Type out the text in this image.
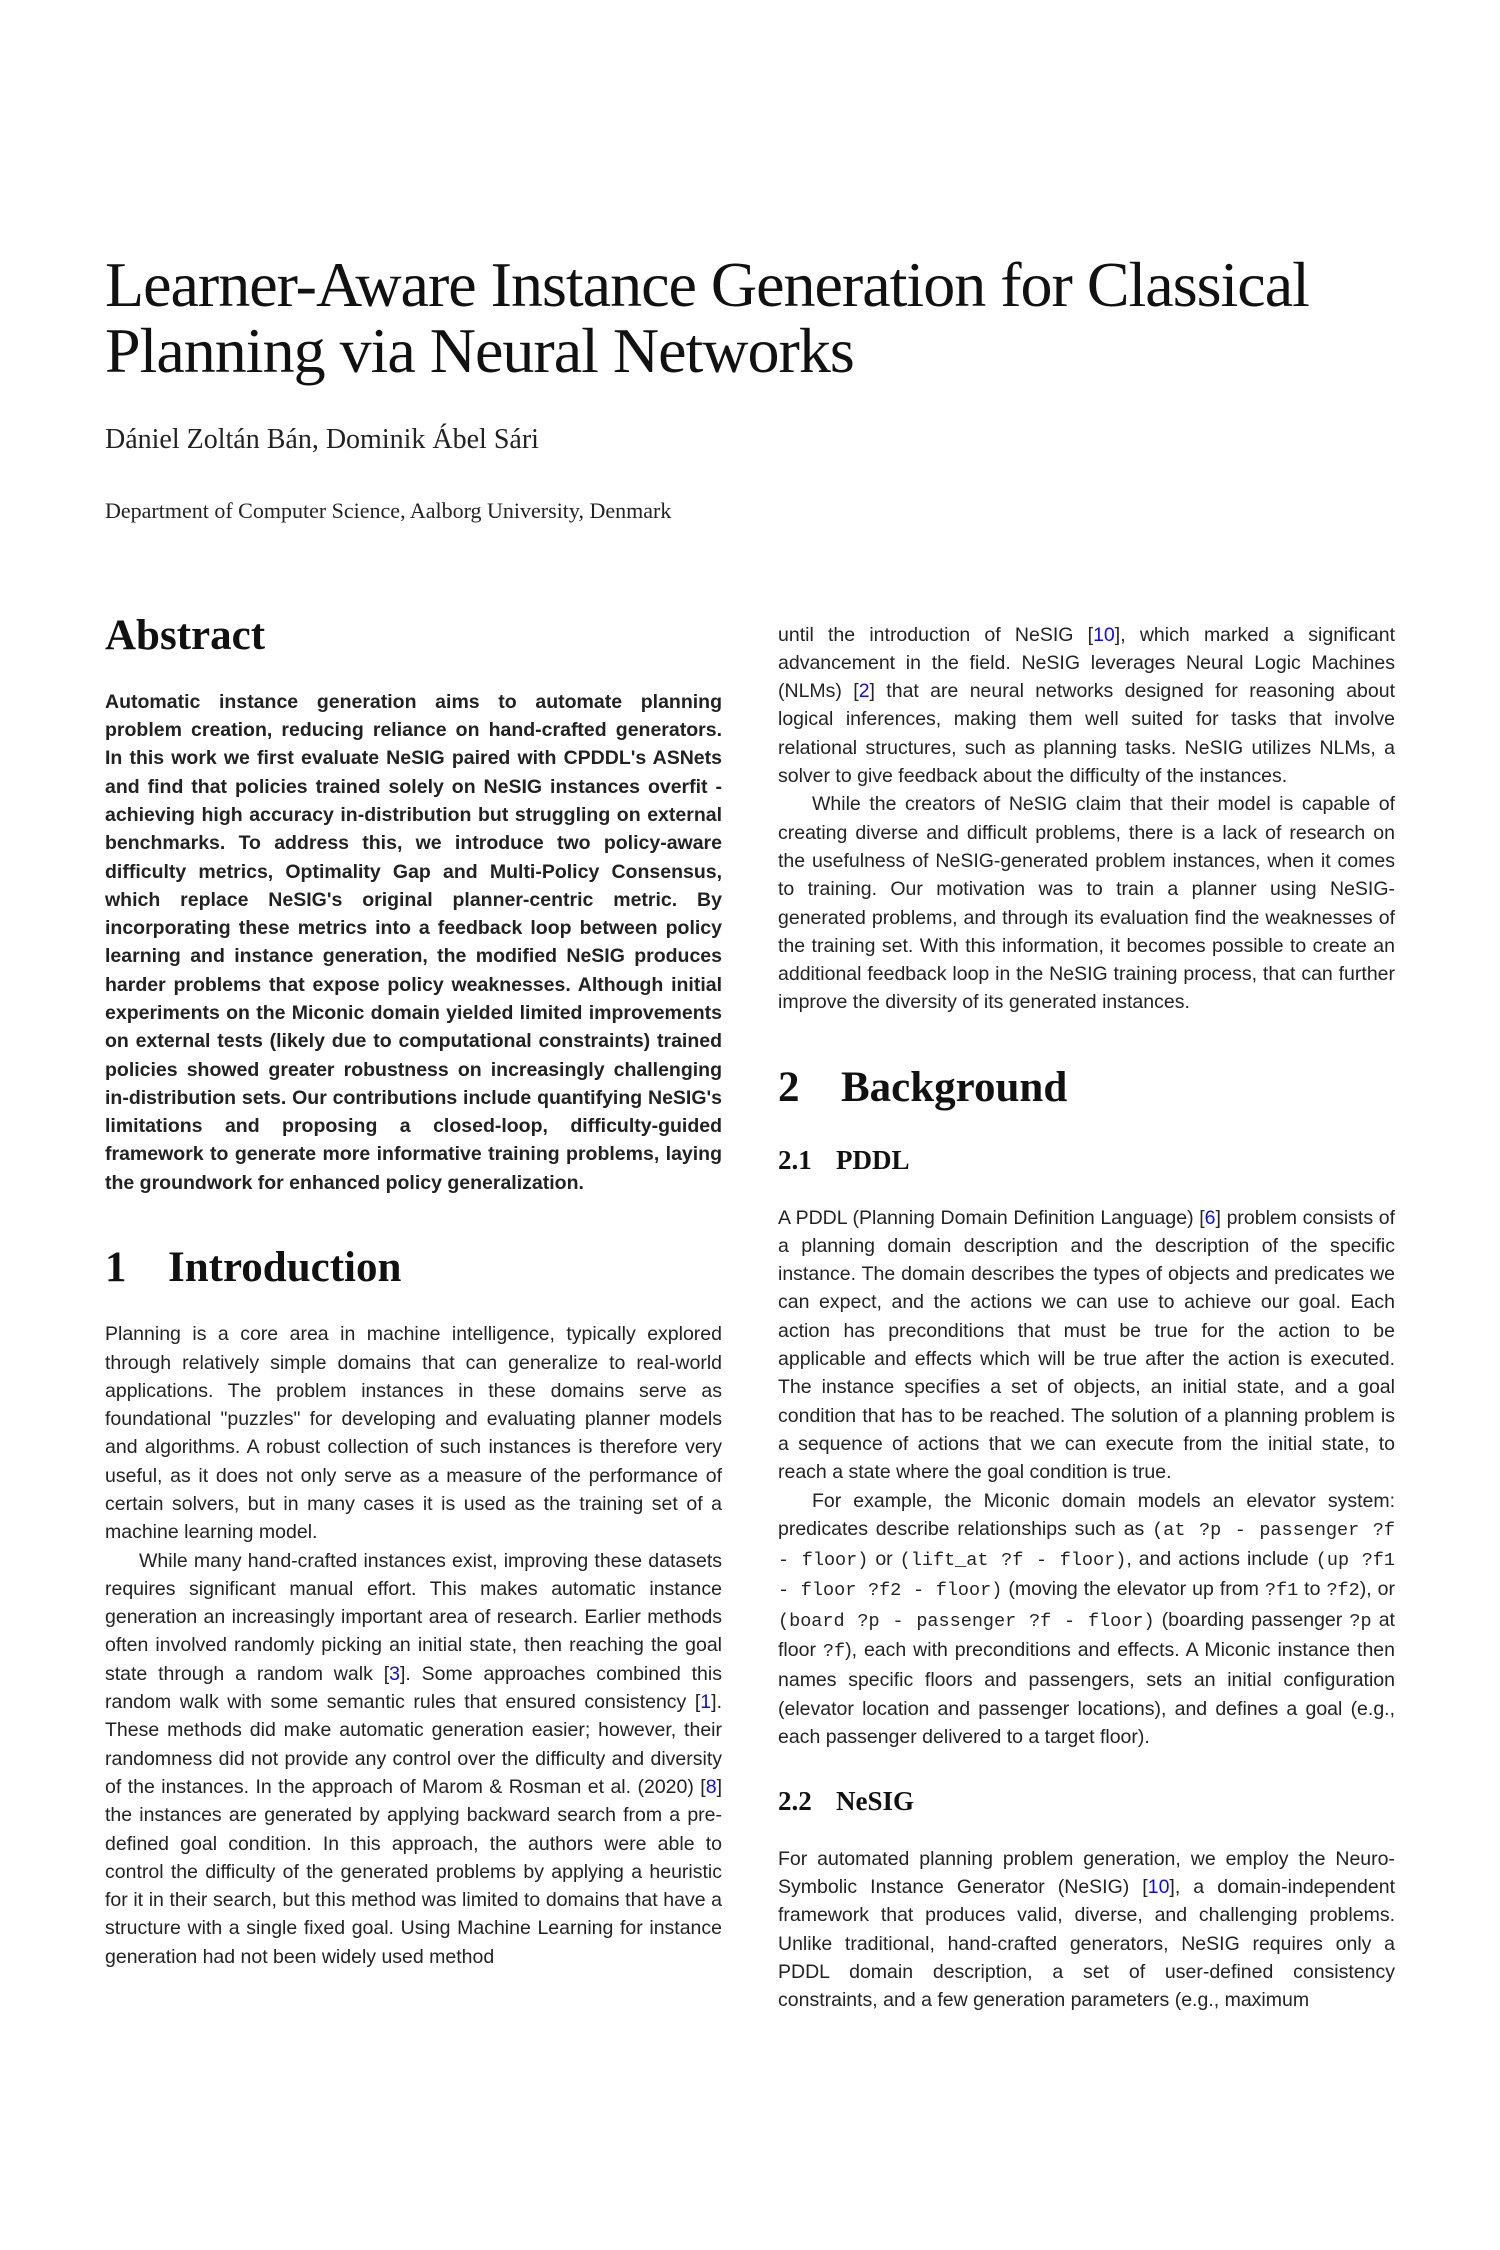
Learner-Aware Instance Generation for Classical Planning via Neural Networks
Dániel Zoltán Bán, Dominik Ábel Sári
Department of Computer Science, Aalborg University, Denmark
Abstract

Automatic instance generation aims to automate planning problem creation, reducing reliance on hand-crafted generators. In this work we first evaluate NeSIG paired with CPDDL's ASNets and find that policies trained solely on NeSIG instances overfit - achieving high accuracy in-distribution but struggling on external benchmarks. To address this, we introduce two policy-aware difficulty metrics, Optimality Gap and Multi-Policy Consensus, which replace NeSIG's original planner-centric metric. By incorporating these metrics into a feedback loop between policy learning and instance generation, the modified NeSIG produces harder problems that expose policy weaknesses. Although initial experiments on the Miconic domain yielded limited improvements on external tests (likely due to computational constraints) trained policies showed greater robustness on increasingly challenging in-distribution sets. Our contributions include quantifying NeSIG's limitations and proposing a closed-loop, difficulty-guided framework to generate more informative training problems, laying the groundwork for enhanced policy generalization.

1 Introduction

Planning is a core area in machine intelligence, typically explored through relatively simple domains that can generalize to real-world applications. The problem instances in these domains serve as foundational "puzzles" for developing and evaluating planner models and algorithms. A robust collection of such instances is therefore very useful, as it does not only serve as a measure of the performance of certain solvers, but in many cases it is used as the training set of a machine learning model.

While many hand-crafted instances exist, improving these datasets requires significant manual effort. This makes automatic instance generation an increasingly important area of research. Earlier methods often involved randomly picking an initial state, then reaching the goal state through a random walk [3]. Some approaches combined this random walk with some semantic rules that ensured consistency [1]. These methods did make automatic generation easier; however, their randomness did not provide any control over the difficulty and diversity of the instances. In the approach of Marom & Rosman et al. (2020) [8] the instances are generated by applying backward search from a pre-defined goal condition. In this approach, the authors were able to control the difficulty of the generated problems by applying a heuristic for it in their search, but this method was limited to domains that have a structure with a single fixed goal. Using Machine Learning for instance generation had not been widely used method

until the introduction of NeSIG [10], which marked a significant advancement in the field. NeSIG leverages Neural Logic Machines (NLMs) [2] that are neural networks designed for reasoning about logical inferences, making them well suited for tasks that involve relational structures, such as planning tasks. NeSIG utilizes NLMs, a solver to give feedback about the difficulty of the instances.

While the creators of NeSIG claim that their model is capable of creating diverse and difficult problems, there is a lack of research on the usefulness of NeSIG-generated problem instances, when it comes to training. Our motivation was to train a planner using NeSIG-generated problems, and through its evaluation find the weaknesses of the training set. With this information, it becomes possible to create an additional feedback loop in the NeSIG training process, that can further improve the diversity of its generated instances.

2 Background
2.1 PDDL

A PDDL (Planning Domain Definition Language) [6] problem consists of a planning domain description and the description of the specific instance. The domain describes the types of objects and predicates we can expect, and the actions we can use to achieve our goal. Each action has preconditions that must be true for the action to be applicable and effects which will be true after the action is executed. The instance specifies a set of objects, an initial state, and a goal condition that has to be reached. The solution of a planning problem is a sequence of actions that we can execute from the initial state, to reach a state where the goal condition is true.

For example, the Miconic domain models an elevator system: predicates describe relationships such as (at ?p - passenger ?f - floor) or (lift_at ?f - floor), and actions include (up ?f1 - floor ?f2 - floor) (moving the elevator up from ?f1 to ?f2), or (board ?p - passenger ?f - floor) (boarding passenger ?p at floor ?f), each with preconditions and effects. A Miconic instance then names specific floors and passengers, sets an initial configuration (elevator location and passenger locations), and defines a goal (e.g., each passenger delivered to a target floor).

2.2 NeSIG

For automated planning problem generation, we employ the Neuro-Symbolic Instance Generator (NeSIG) [10], a domain-independent framework that produces valid, diverse, and challenging problems. Unlike traditional, hand-crafted generators, NeSIG requires only a PDDL domain description, a set of user-defined consistency constraints, and a few generation parameters (e.g., maximum
